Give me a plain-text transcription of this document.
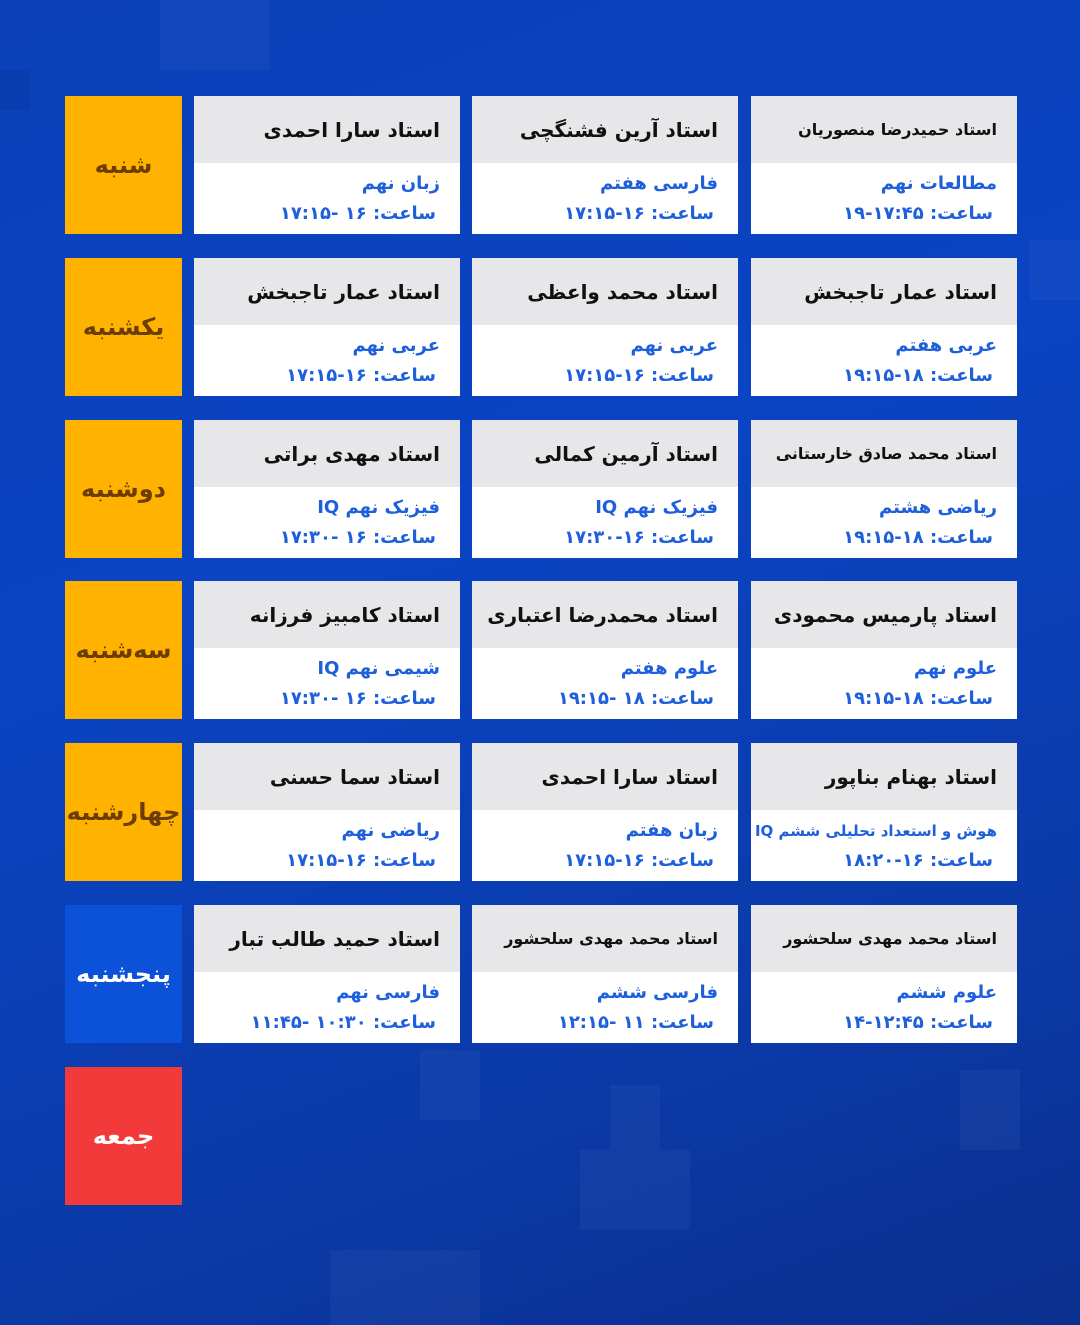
شنبه
یکشنبه
دوشنبه
سه‌شنبه
چهارشنبه
پنجشنبه
جمعه
استاد حمیدرضا منصوریان
مطالعات نهم
ساعت: ۱۷:۴۵-۱۹
استاد آرین فشنگچی
فارسی هفتم
ساعت: ۱۶-۱۷:۱۵
استاد سارا احمدی
زبان نهم
ساعت: ۱۶ -۱۷:۱۵
استاد عمار تاجبخش
عربی هفتم
ساعت: ۱۸-۱۹:۱۵
استاد محمد واعظی
عربی نهم
ساعت: ۱۶-۱۷:۱۵
استاد عمار تاجبخش
عربی نهم
ساعت: ۱۶-۱۷:۱۵
استاد محمد صادق خارستانی
ریاضی هشتم
ساعت: ۱۸-۱۹:۱۵
استاد آرمین کمالی
فیزیک نهم IQ
ساعت: ۱۶-۱۷:۳۰
استاد مهدی براتی
فیزیک نهم IQ
ساعت: ۱۶ -۱۷:۳۰
استاد پارمیس محمودی
علوم نهم
ساعت: ۱۸-۱۹:۱۵
استاد محمدرضا اعتباری
علوم هفتم
ساعت: ۱۸ -۱۹:۱۵
استاد کامبیز فرزانه
شیمی نهم IQ
ساعت: ۱۶ -۱۷:۳۰
استاد بهنام بناپور
هوش و استعداد تحلیلی ششم IQ
ساعت: ۱۶-۱۸:۲۰
استاد سارا احمدی
زبان هفتم
ساعت: ۱۶-۱۷:۱۵
استاد سما حسنی
ریاضی نهم
ساعت: ۱۶-۱۷:۱۵
استاد محمد مهدی سلحشور
علوم ششم
ساعت: ۱۲:۴۵-۱۴
استاد محمد مهدی سلحشور
فارسی ششم
ساعت: ۱۱ -۱۲:۱۵
استاد حمید طالب تبار
فارسی نهم
ساعت: ۱۰:۳۰ -۱۱:۴۵
